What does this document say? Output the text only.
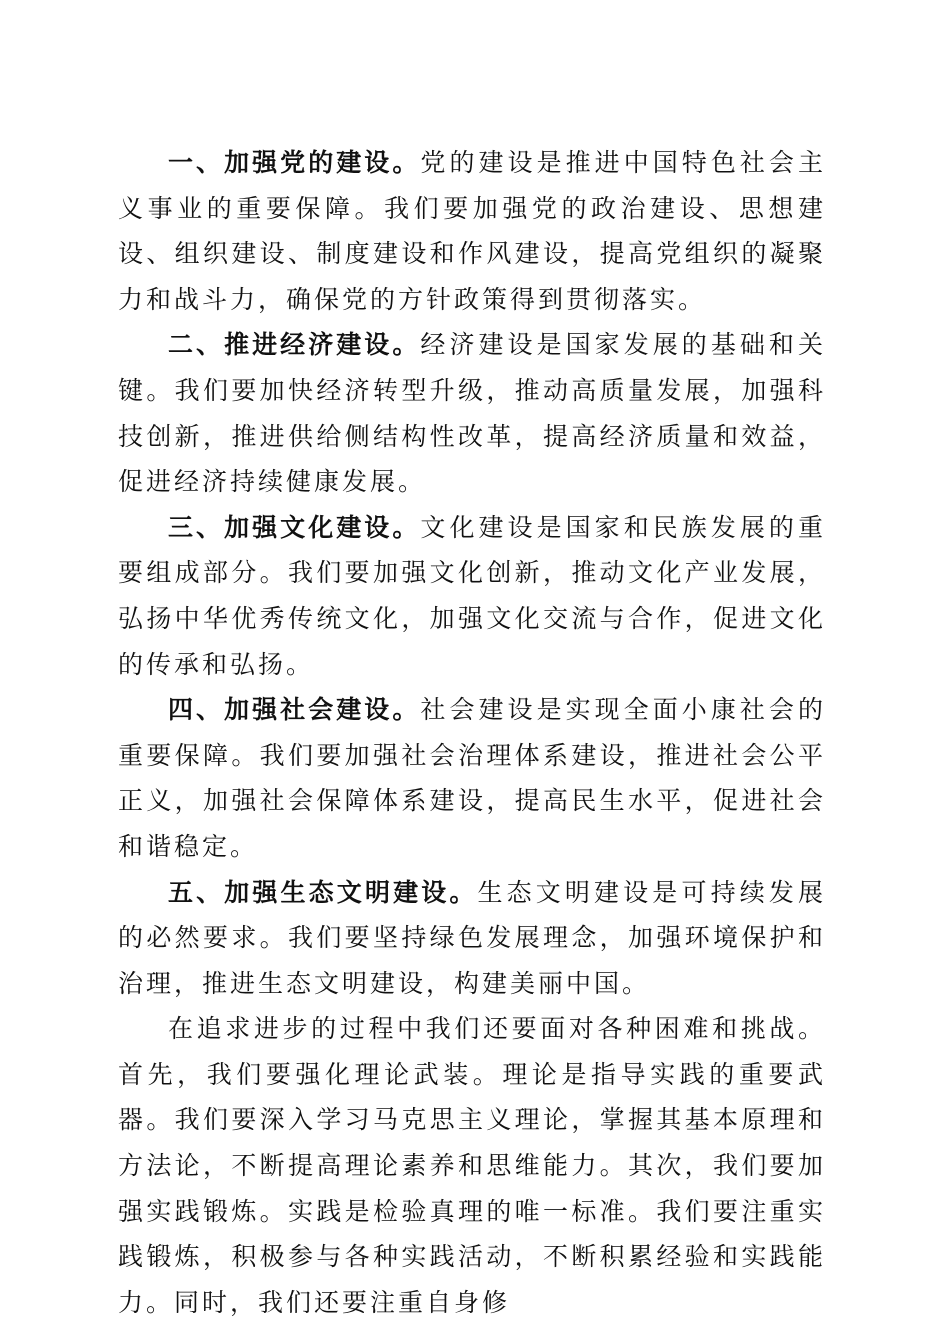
一、加强党的建设。党的建设是推进中国特色社会主义事业的重要保障。我们要加强党的政治建设、思想建设、组织建设、制度建设和作风建设，提高党组织的凝聚力和战斗力，确保党的方针政策得到贯彻落实。

二、推进经济建设。经济建设是国家发展的基础和关键。我们要加快经济转型升级，推动高质量发展，加强科技创新，推进供给侧结构性改革，提高经济质量和效益，促进经济持续健康发展。

三、加强文化建设。文化建设是国家和民族发展的重要组成部分。我们要加强文化创新，推动文化产业发展，弘扬中华优秀传统文化，加强文化交流与合作，促进文化的传承和弘扬。

四、加强社会建设。社会建设是实现全面小康社会的重要保障。我们要加强社会治理体系建设，推进社会公平正义，加强社会保障体系建设，提高民生水平，促进社会和谐稳定。

五、加强生态文明建设。生态文明建设是可持续发展的必然要求。我们要坚持绿色发展理念，加强环境保护和治理，推进生态文明建设，构建美丽中国。

在追求进步的过程中我们还要面对各种困难和挑战。首先，我们要强化理论武装。理论是指导实践的重要武器。我们要深入学习马克思主义理论，掌握其基本原理和方法论，不断提高理论素养和思维能力。其次，我们要加强实践锻炼。实践是检验真理的唯一标准。我们要注重实践锻炼，积极参与各种实践活动，不断积累经验和实践能力。同时，我们还要注重自身修
